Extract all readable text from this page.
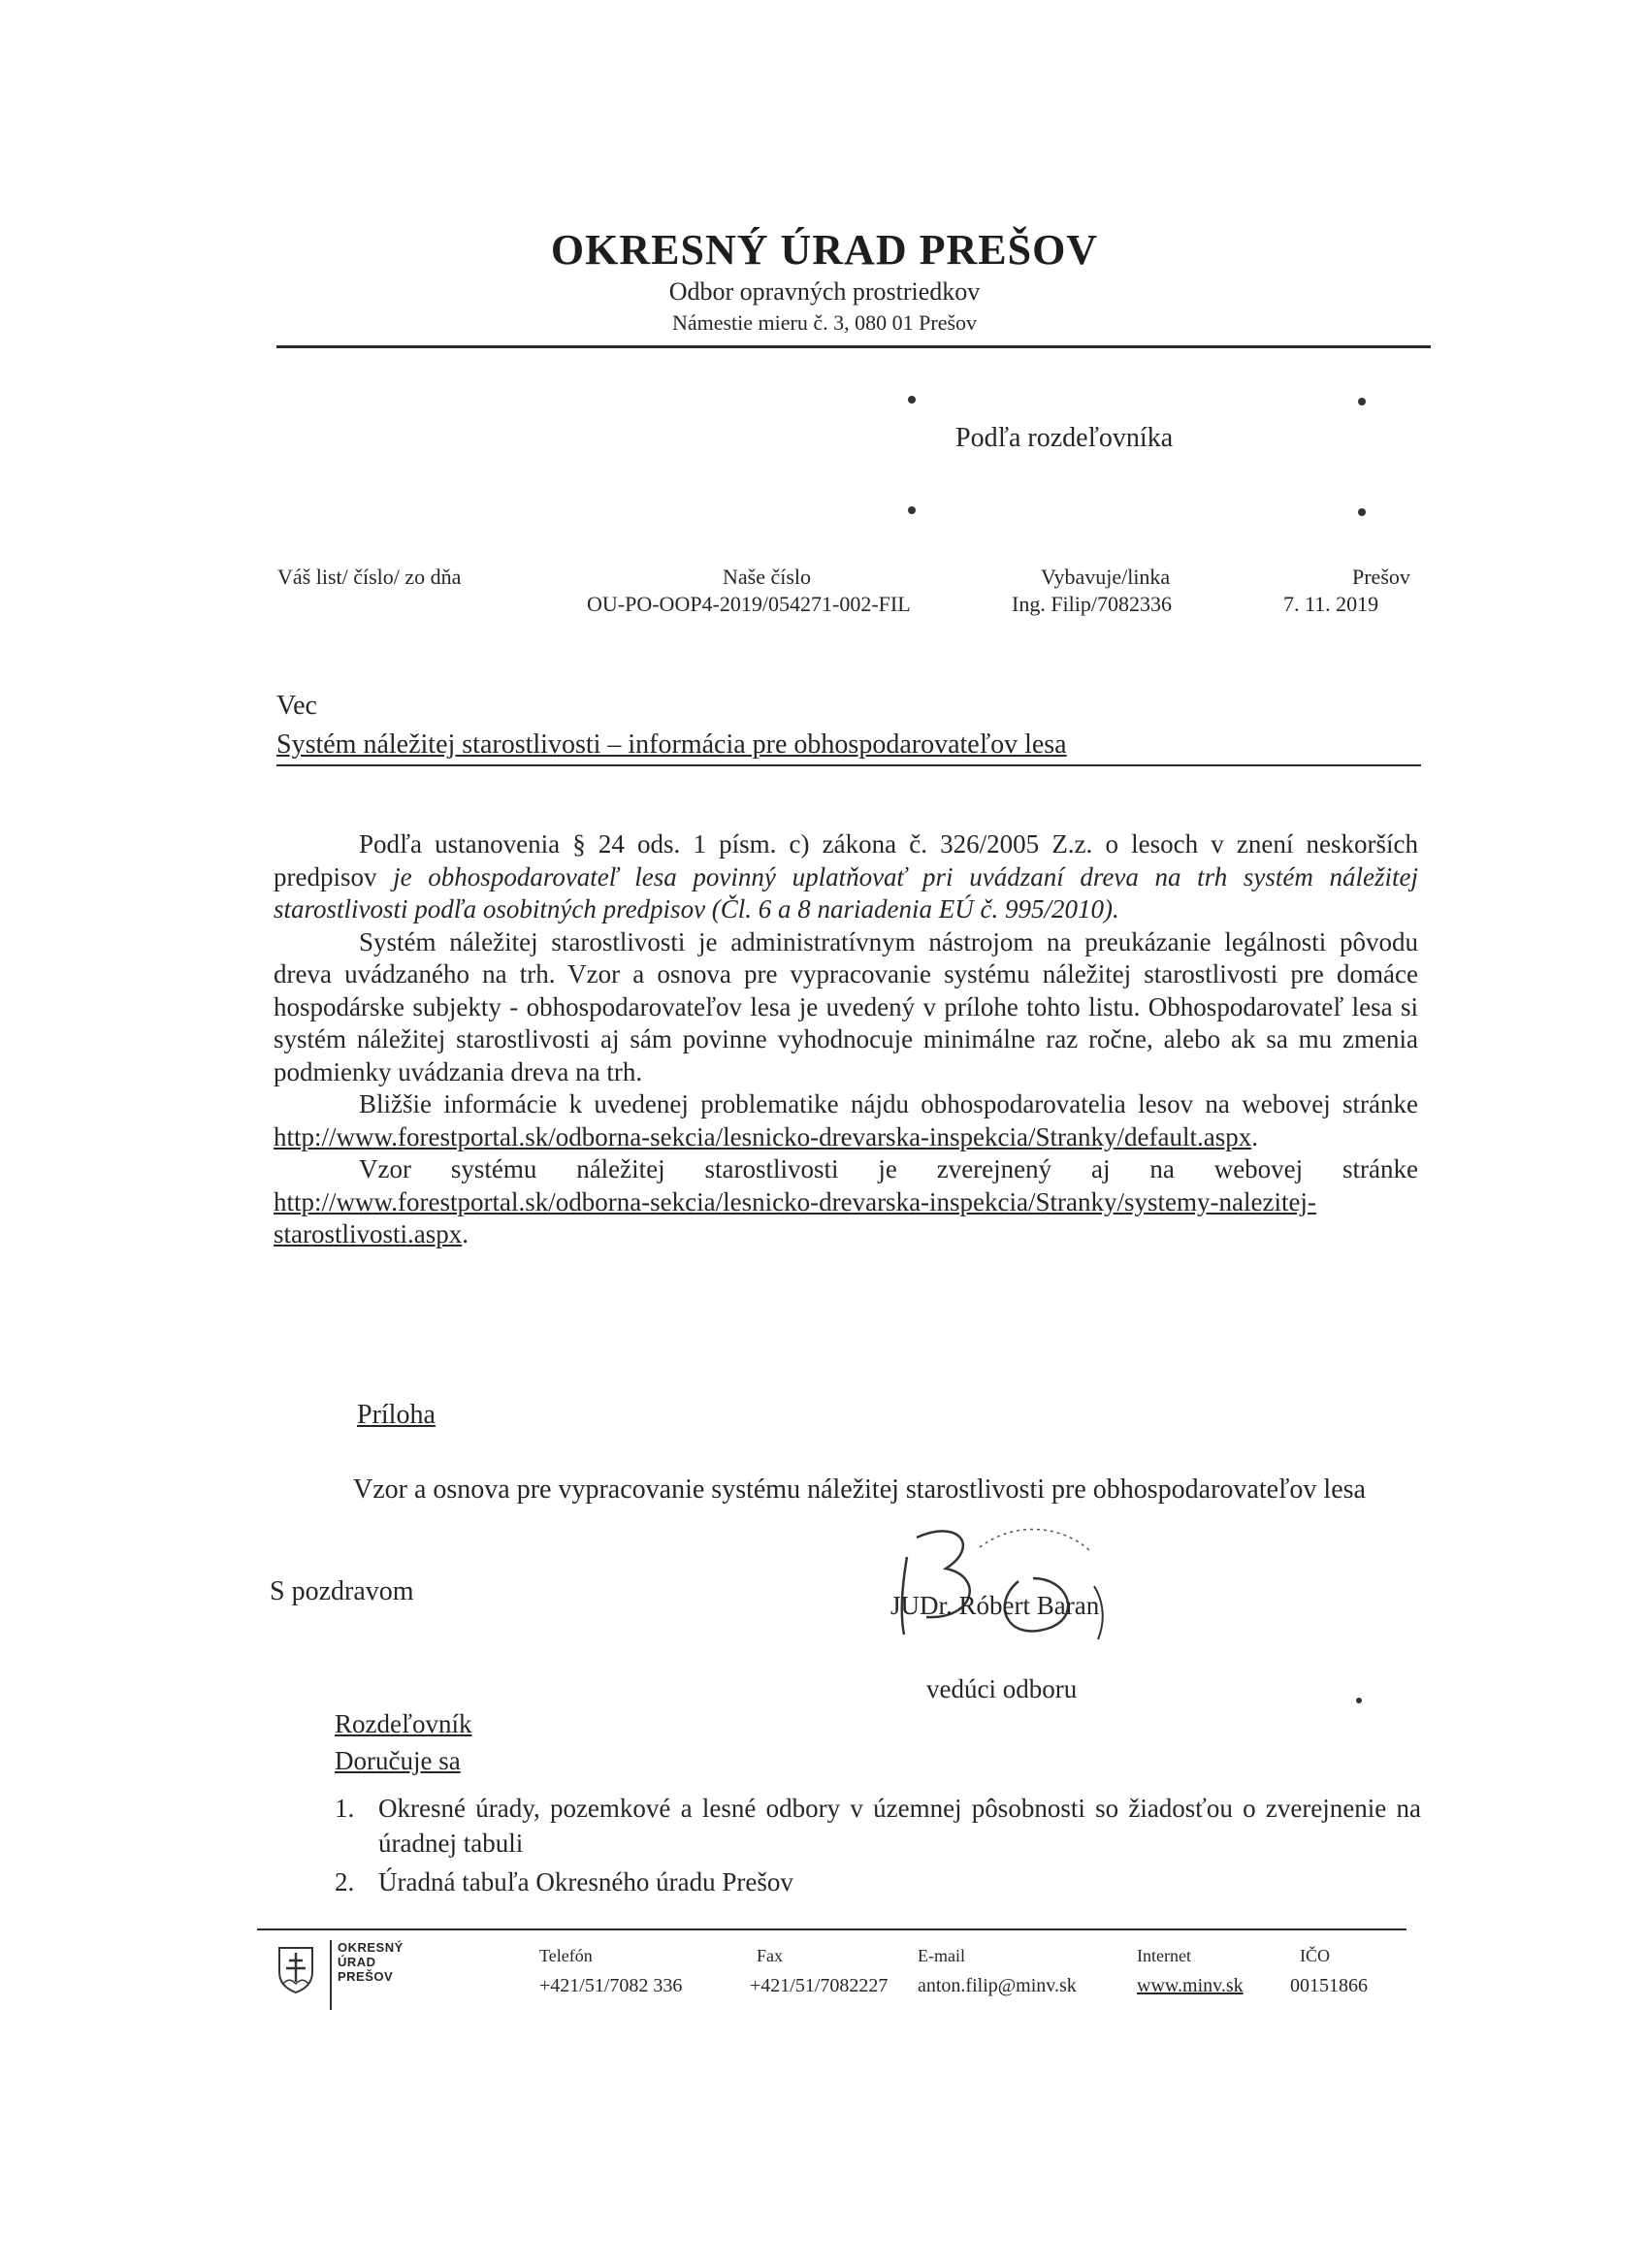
OKRESNÝ ÚRAD PREŠOV
Odbor opravných prostriedkov
Námestie mieru č. 3, 080 01 Prešov
Podľa rozdeľovníka
Váš list/ číslo/ zo dňa	Naše číslo
OU-PO-OOP4-2019/054271-002-FIL
Vybavuje/linka
Ing. Filip/7082336
Prešov
7. 11. 2019
Vec
Systém náležitej starostlivosti – informácia pre obhospodarovateľov lesa

Podľa ustanovenia § 24 ods. 1 písm. c) zákona č. 326/2005 Z.z. o lesoch v znení neskorších predpisov je obhospodarovateľ lesa povinný uplatňovať pri uvádzaní dreva na trh systém náležitej starostlivosti podľa osobitných predpisov (Čl. 6 a 8 nariadenia EÚ č. 995/2010).

Systém náležitej starostlivosti je administratívnym nástrojom na preukázanie legálnosti pôvodu dreva uvádzaného na trh. Vzor a osnova pre vypracovanie systému náležitej starostlivosti pre domáce hospodárske subjekty - obhospodarovateľov lesa je uvedený v prílohe tohto listu. Obhospodarovateľ lesa si systém náležitej starostlivosti aj sám povinne vyhodnocuje minimálne raz ročne, alebo ak sa mu zmenia podmienky uvádzania dreva na trh.

Bližšie informácie k uvedenej problematike nájdu obhospodarovatelia lesov na webovej stránke http://www.forestportal.sk/odborna-sekcia/lesnicko-drevarska-inspekcia/Stranky/default.aspx.

Vzor systému náležitej starostlivosti je zverejnený aj na webovej stránke http://www.forestportal.sk/odborna-sekcia/lesnicko-drevarska-inspekcia/Stranky/systemy-nalezitej-starostlivosti.aspx.

Príloha
Vzor a osnova pre vypracovanie systému náležitej starostlivosti pre obhospodarovateľov lesa
S pozdravom	JUDr. Róbert Baran
vedúci odboru
Rozdeľovník
Doručuje sa
1. Okresné úrady, pozemkové a lesné odbory v územnej pôsobnosti so žiadosťou o zverejnenie na úradnej tabuli
2. Úradná tabuľa Okresného úradu Prešov
OKRESNÝ
ÚRAD
PREŠOV
Telefón
+421/51/7082 336
Fax
+421/51/7082227
E-mail
anton.filip@minv.sk
Internet
www.minv.sk
IČO
00151866
